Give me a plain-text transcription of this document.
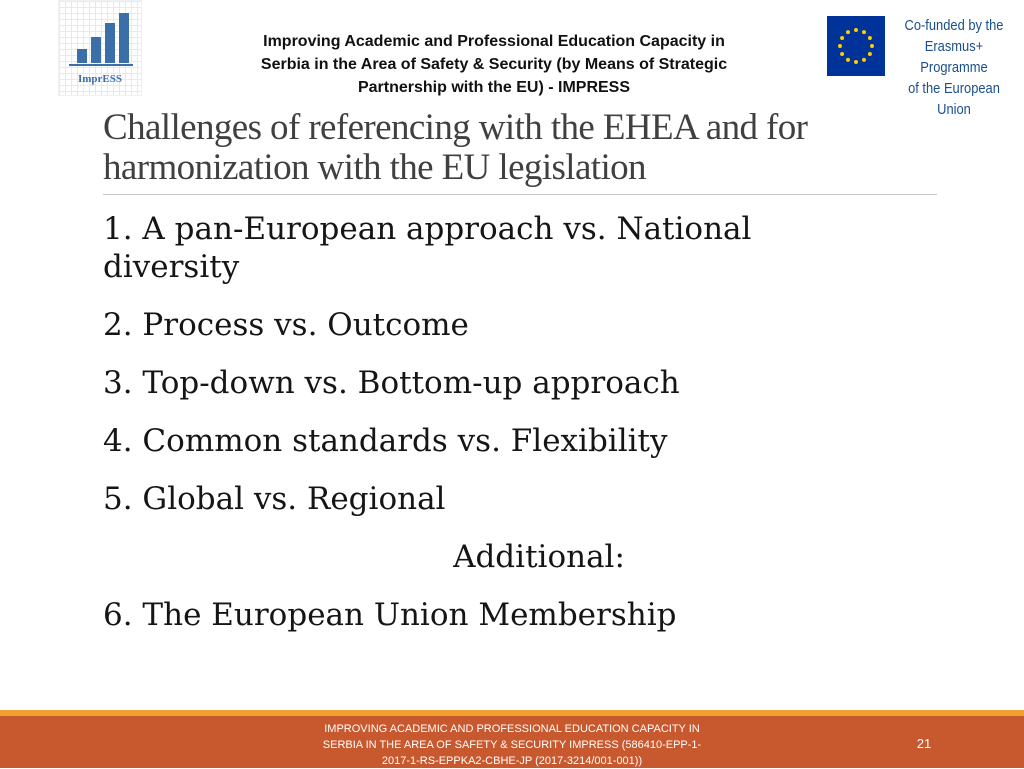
ImprESS
Improving Academic and Professional Education Capacity in
Serbia in the Area of Safety & Security (by Means of Strategic
Partnership with the EU) - IMPRESS
Co-funded by the
Erasmus+ Programme
of the European Union
Challenges of referencing with the EHEA and for harmonization with the EU legislation
1. A pan-European approach vs. National diversity
2. Process vs. Outcome
3. Top-down vs. Bottom-up approach
4. Common standards vs. Flexibility
5. Global vs. Regional
Additional:
6. The European Union Membership
IMPROVING ACADEMIC AND PROFESSIONAL EDUCATION CAPACITY IN SERBIA IN THE AREA OF SAFETY & SECURITY IMPRESS (586410-EPP-1-2017-1-RS-EPPKA2-CBHE-JP (2017-3214/001-001))
21
